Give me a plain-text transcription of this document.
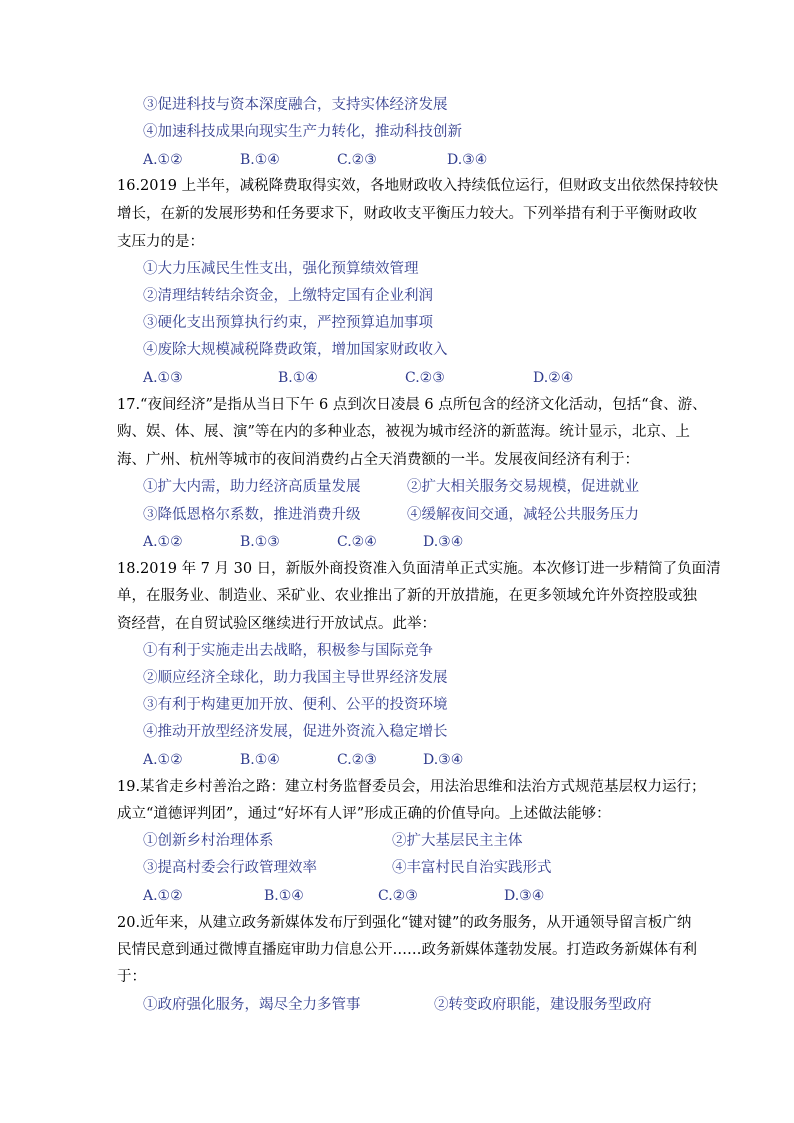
③促进科技与资本深度融合，支持实体经济发展
④加速科技成果向现实生产力转化，推动科技创新
A.①②	B.①④	C.②③	D.③④
16.2019 上半年，减税降费取得实效，各地财政收入持续低位运行，但财政支出依然保持较快
增长，在新的发展形势和任务要求下，财政收支平衡压力较大。下列举措有利于平衡财政收
支压力的是：
①大力压减民生性支出，强化预算绩效管理
②清理结转结余资金，上缴特定国有企业利润
③硬化支出预算执行约束，严控预算追加事项
④废除大规模减税降费政策，增加国家财政收入
A.①③	B.①④	C.②③	D.②④
17.“夜间经济”是指从当日下午 6 点到次日凌晨 6 点所包含的经济文化活动，包括“食、游、
购、娱、体、展、演”等在内的多种业态，被视为城市经济的新蓝海。统计显示，北京、上
海、广州、杭州等城市的夜间消费约占全天消费额的一半。发展夜间经济有利于：
①扩大内需，助力经济高质量发展	②扩大相关服务交易规模，促进就业
③降低恩格尔系数，推进消费升级	④缓解夜间交通，减轻公共服务压力
A.①②	B.①③	C.②④	D.③④
18.2019 年 7 月 30 日，新版外商投资准入负面清单正式实施。本次修订进一步精简了负面清
单，在服务业、制造业、采矿业、农业推出了新的开放措施，在更多领域允许外资控股或独
资经营，在自贸试验区继续进行开放试点。此举：
①有利于实施走出去战略，积极参与国际竞争
②顺应经济全球化，助力我国主导世界经济发展
③有利于构建更加开放、便利、公平的投资环境
④推动开放型经济发展，促进外资流入稳定增长
A.①②	B.①④	C.②③	D.③④
19.某省走乡村善治之路：建立村务监督委员会，用法治思维和法治方式规范基层权力运行；
成立“道德评判团”，通过“好坏有人评”形成正确的价值导向。上述做法能够：
①创新乡村治理体系	②扩大基层民主主体
③提高村委会行政管理效率	④丰富村民自治实践形式
A.①②	B.①④	C.②③	D.③④
20.近年来，从建立政务新媒体发布厅到强化“键对键”的政务服务，从开通领导留言板广纳
民情民意到通过微博直播庭审助力信息公开……政务新媒体蓬勃发展。打造政务新媒体有利
于：
①政府强化服务，竭尽全力多管事	②转变政府职能，建设服务型政府
